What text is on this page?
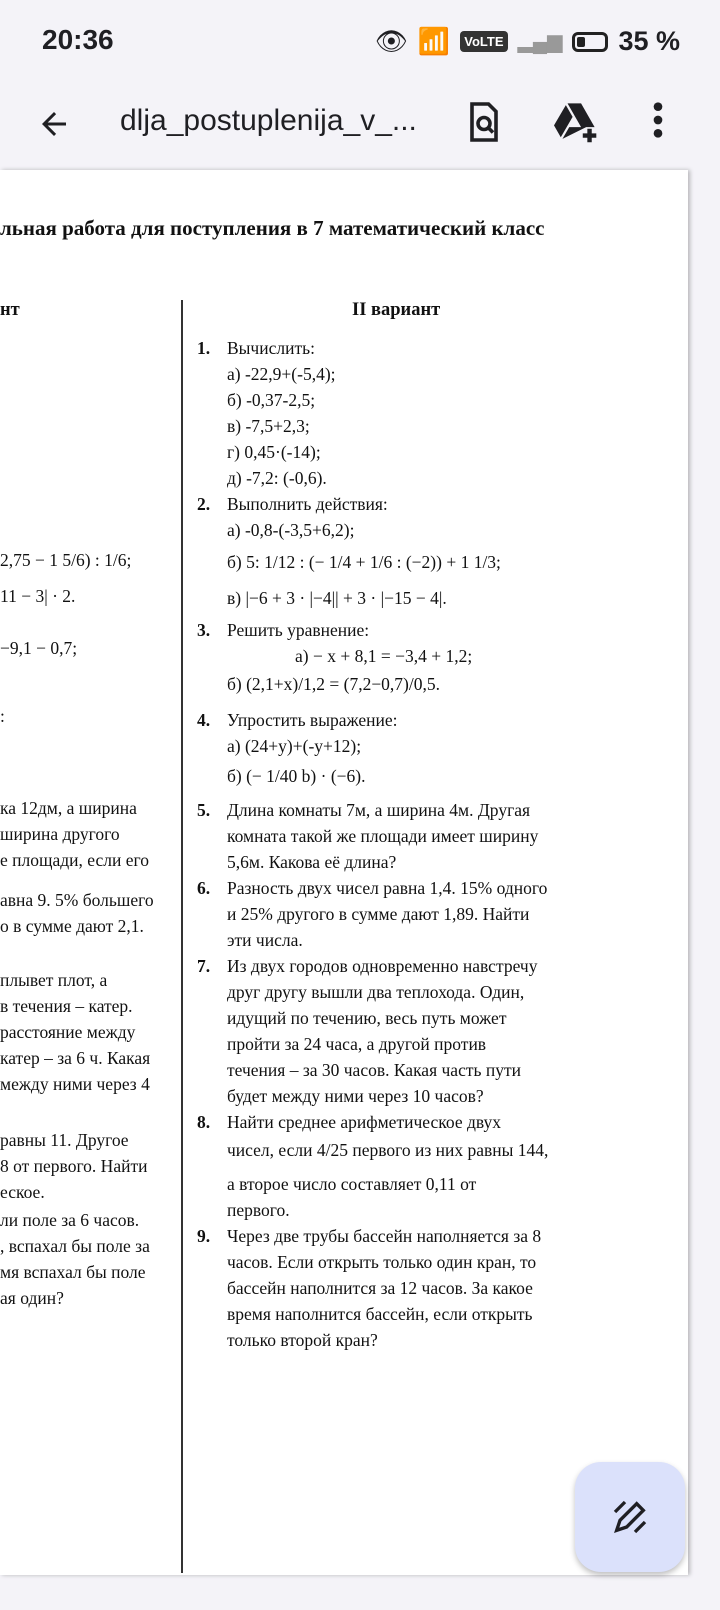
20:36	👁 📶	VoLTE ▂▄▆ 35 %
dlja_postuplenija_v_...
льная работа для поступления в 7 математический класс
нт
2,75 − 1 5/6) : 1/6;
11 − 3| · 2.
−9,1 − 0,7;
:
ка 12дм, а ширина
ширина другого
е площади, если его
авна 9. 5% большего
о в сумме дают 2,1.
плывет плот, а
в течения – катер.
расстояние между
катер – за 6 ч. Какая
между ними через 4
равны 11. Другое
8 от первого. Найти
еское.
ли поле за 6 часов.
, вспахал бы поле за
мя вспахал бы поле
ая один?
II вариант
1.
2.
3.
4.
5.
6.
7.
8.
9.
Вычислить:
а) -22,9+(-5,4);
б) -0,37-2,5;
в) -7,5+2,3;
г) 0,45·(-14);
д) -7,2: (-0,6).
Выполнить действия:
а) -0,8-(-3,5+6,2);
б) 5: 1/12 : (− 1/4 + 1/6 : (−2)) + 1 1/3;
в) |−6 + 3 · |−4|| + 3 · |−15 − 4|.
Решить уравнение:
а) − x + 8,1 = −3,4 + 1,2;
б) (2,1+x)/1,2 = (7,2−0,7)/0,5.
Упростить выражение:
а) (24+y)+(-y+12);
б) (− 1/40 b) · (−6).
Длина комнаты 7м, а ширина 4м. Другая
комната такой же площади имеет ширину
5,6м. Какова её длина?
Разность двух чисел равна 1,4. 15% одного
и 25% другого в сумме дают 1,89. Найти
эти числа.
Из двух городов одновременно навстречу
друг другу вышли два теплохода. Один,
идущий по течению, весь путь может
пройти за 24 часа, а другой против
течения – за 30 часов. Какая часть пути
будет между ними через 10 часов?
Найти среднее арифметическое двух
чисел, если 4/25 первого из них равны 144,
а второе число составляет 0,11 от
первого.
Через две трубы бассейн наполняется за 8
часов. Если открыть только один кран, то
бассейн наполнится за 12 часов. За какое
время наполнится бассейн, если открыть
только второй кран?
